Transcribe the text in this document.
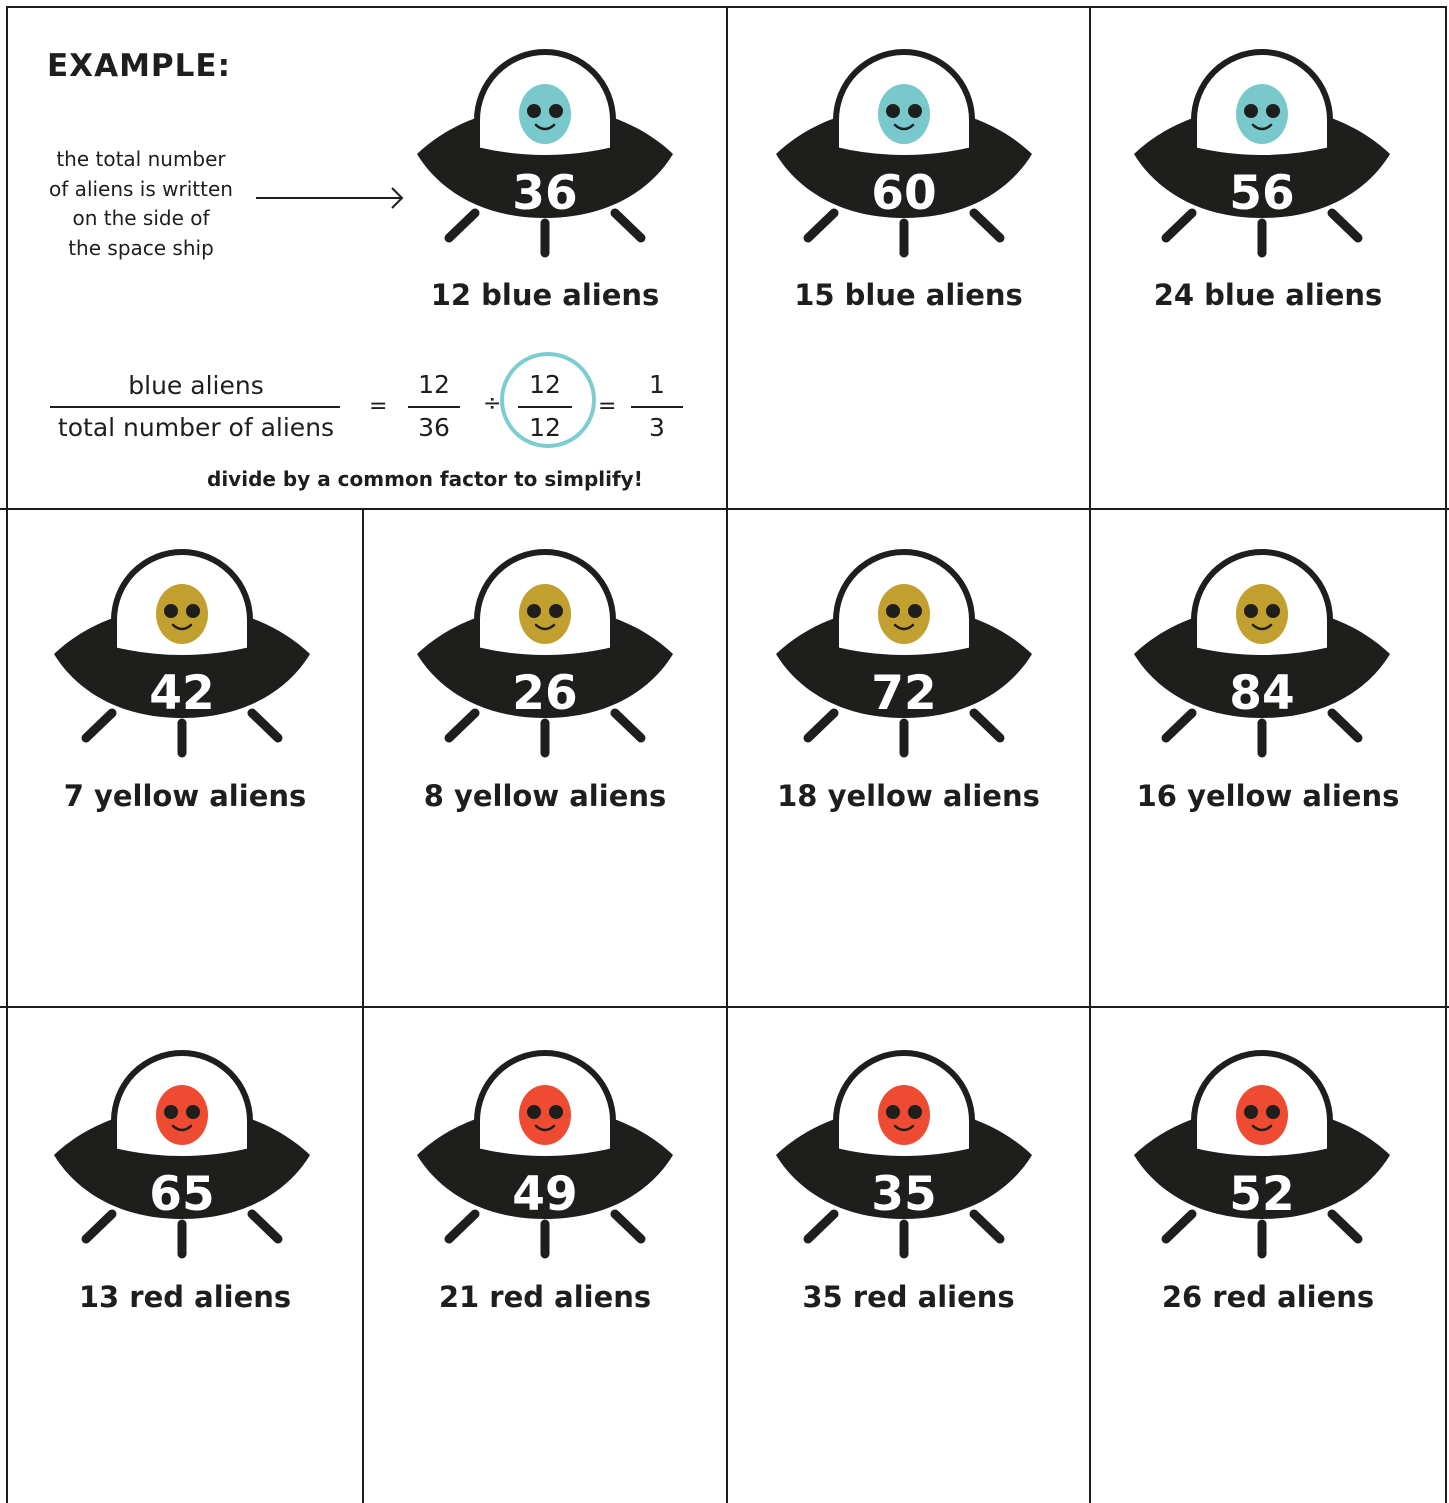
EXAMPLE:
the total number
of aliens is written
on the side of
the space ship
36
12 blue aliens
blue aliens
total number of aliens
=
12
36
÷
12
12
=
1
3
divide by a common factor to simplify!
60
15 blue aliens
56
24 blue aliens
42
7 yellow aliens
26
8 yellow aliens
72
18 yellow aliens
84
16 yellow aliens
65
13 red aliens
49
21 red aliens
35
35 red aliens
52
26 red aliens
